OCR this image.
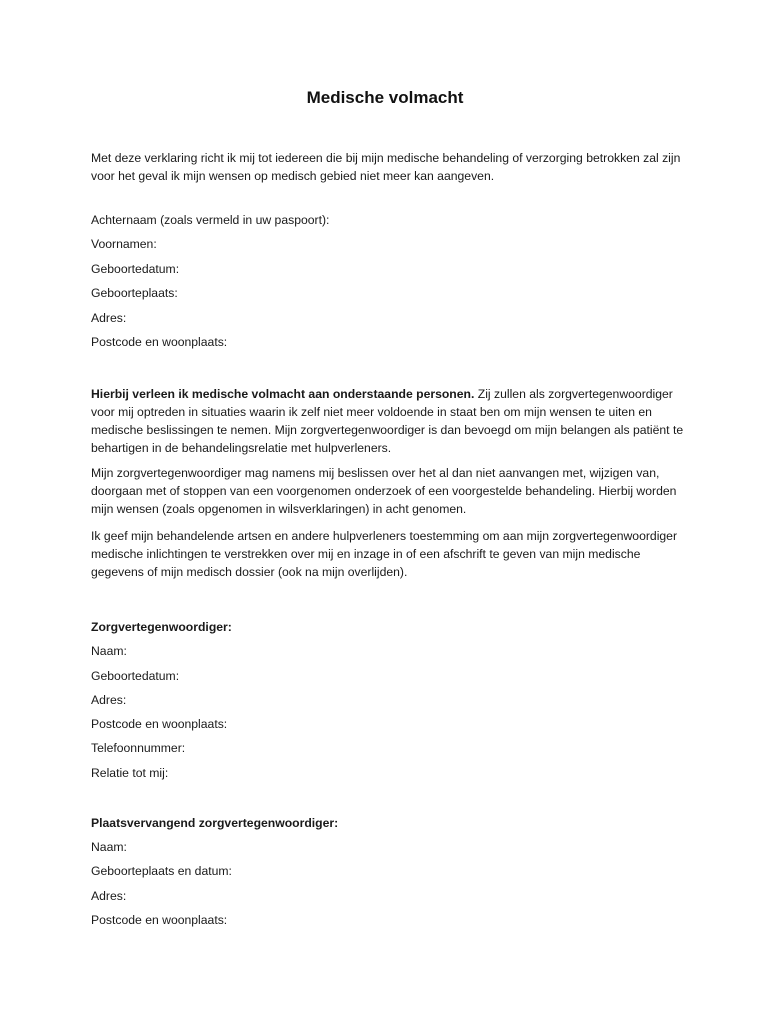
Medische volmacht

Met deze verklaring richt ik mij tot iedereen die bij mijn medische behandeling of verzorging betrokken zal zijn voor het geval ik mijn wensen op medisch gebied niet meer kan aangeven.

Achternaam (zoals vermeld in uw paspoort):
Voornamen:
Geboortedatum:
Geboorteplaats:
Adres:
Postcode en woonplaats:

Hierbij verleen ik medische volmacht aan onderstaande personen. Zij zullen als zorgvertegenwoordiger voor mij optreden in situaties waarin ik zelf niet meer voldoende in staat ben om mijn wensen te uiten en medische beslissingen te nemen. Mijn zorgvertegenwoordiger is dan bevoegd om mijn belangen als patiënt te behartigen in de behandelingsrelatie met hulpverleners.

Mijn zorgvertegenwoordiger mag namens mij beslissen over het al dan niet aanvangen met, wijzigen van, doorgaan met of stoppen van een voorgenomen onderzoek of een voorgestelde behandeling. Hierbij worden mijn wensen (zoals opgenomen in wilsverklaringen) in acht genomen.

Ik geef mijn behandelende artsen en andere hulpverleners toestemming om aan mijn zorgvertegenwoordiger medische inlichtingen te verstrekken over mij en inzage in of een afschrift te geven van mijn medische gegevens of mijn medisch dossier (ook na mijn overlijden).

Zorgvertegenwoordiger:
Naam:
Geboortedatum:
Adres:
Postcode en woonplaats:
Telefoonnummer:
Relatie tot mij:
Plaatsvervangend zorgvertegenwoordiger:
Naam:
Geboorteplaats en datum:
Adres:
Postcode en woonplaats:
